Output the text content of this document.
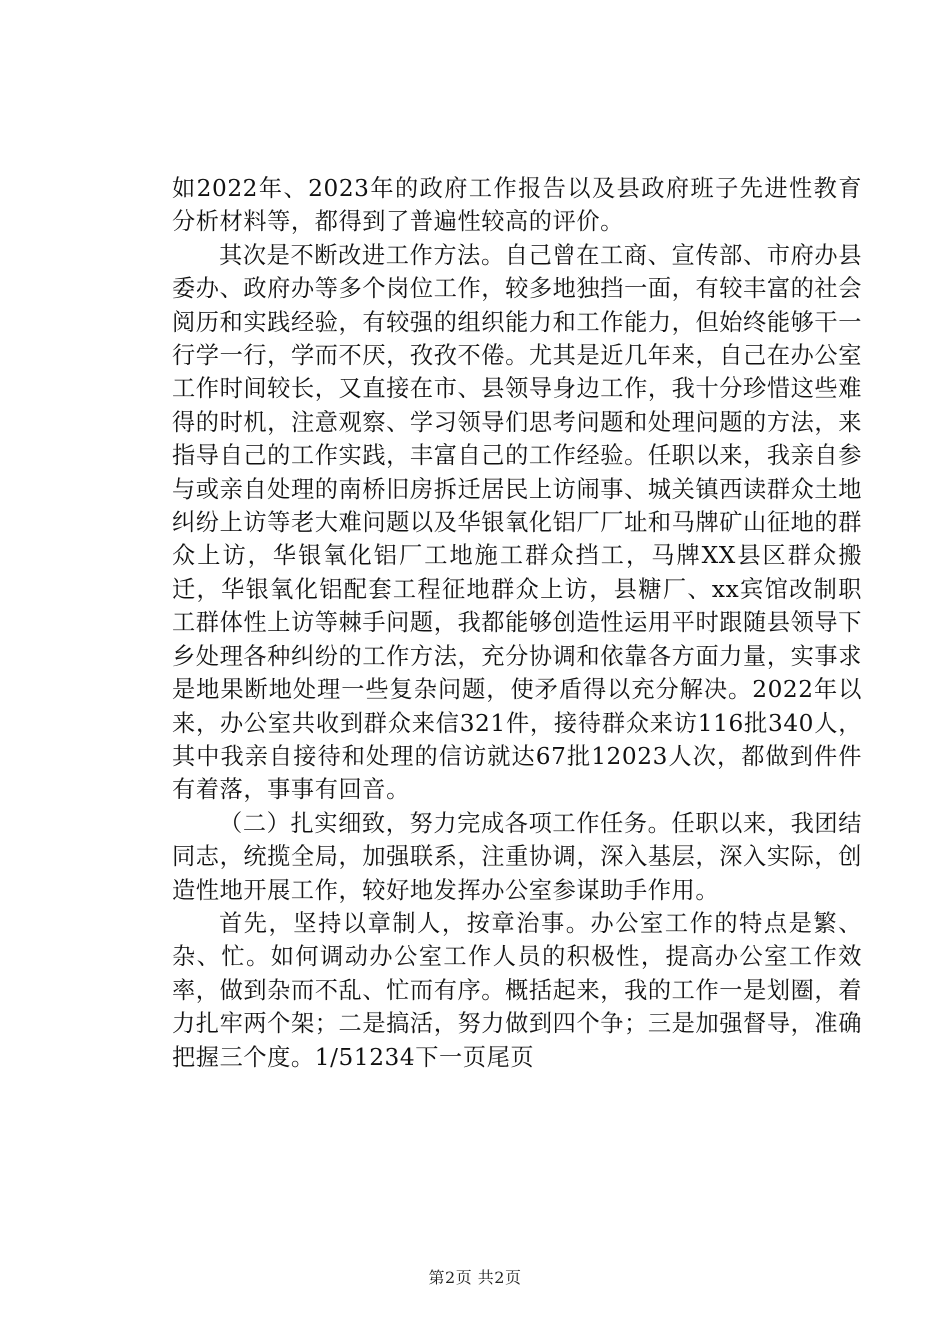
如2022年、2023年的政府工作报告以及县政府班子先进性教育分析材料等，都得到了普遍性较高的评价。

其次是不断改进工作方法。自己曾在工商、宣传部、市府办县委办、政府办等多个岗位工作，较多地独挡一面，有较丰富的社会阅历和实践经验，有较强的组织能力和工作能力，但始终能够干一行学一行，学而不厌，孜孜不倦。尤其是近几年来，自己在办公室工作时间较长，又直接在市、县领导身边工作，我十分珍惜这些难得的时机，注意观察、学习领导们思考问题和处理问题的方法，来指导自己的工作实践，丰富自己的工作经验。任职以来，我亲自参与或亲自处理的南桥旧房拆迁居民上访闹事、城关镇西读群众土地纠纷上访等老大难问题以及华银氧化铝厂厂址和马牌矿山征地的群众上访，华银氧化铝厂工地施工群众挡工，马牌XX县区群众搬迁，华银氧化铝配套工程征地群众上访，县糖厂、xx宾馆改制职工群体性上访等棘手问题，我都能够创造性运用平时跟随县领导下乡处理各种纠纷的工作方法，充分协调和依靠各方面力量，实事求是地果断地处理一些复杂问题，使矛盾得以充分解决。2022年以来，办公室共收到群众来信321件，接待群众来访116批340人，其中我亲自接待和处理的信访就达67批12023人次，都做到件件有着落，事事有回音。

（二）扎实细致，努力完成各项工作任务。任职以来，我团结同志，统揽全局，加强联系，注重协调，深入基层，深入实际，创造性地开展工作，较好地发挥办公室参谋助手作用。

首先，坚持以章制人，按章治事。办公室工作的特点是繁、杂、忙。如何调动办公室工作人员的积极性，提高办公室工作效率，做到杂而不乱、忙而有序。概括起来，我的工作一是划圈，着力扎牢两个架；二是搞活，努力做到四个争；三是加强督导，准确把握三个度。1/51234下一页尾页

第2页 共2页
